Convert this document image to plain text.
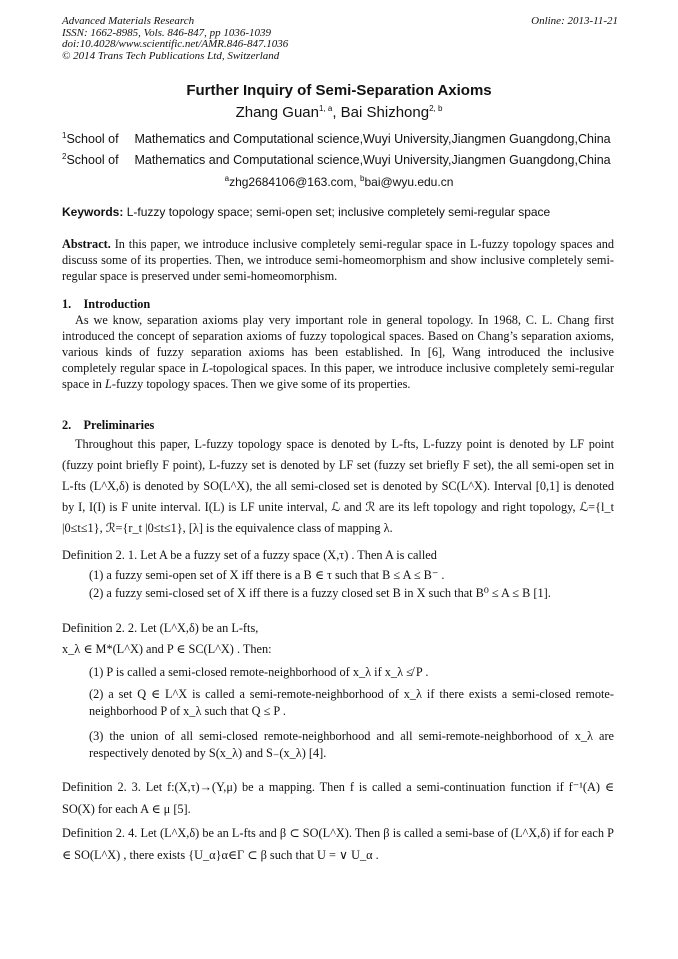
Advanced Materials Research
ISSN: 1662-8985, Vols. 846-847, pp 1036-1039
doi:10.4028/www.scientific.net/AMR.846-847.1036
© 2014 Trans Tech Publications Ltd, Switzerland
Online: 2013-11-21
Further Inquiry of Semi-Separation Axioms
Zhang Guan$^{1, a}$, Bai Shizhong$^{2, b}$
$^1$School of Mathematics and Computational science,Wuyi University,Jiangmen Guangdong,China
$^2$School of Mathematics and Computational science,Wuyi University,Jiangmen Guangdong,China
$^a$zhg2684106@163.com, $^b$bai@wyu.edu.cn
Keywords: L-fuzzy topology space; semi-open set; inclusive completely semi-regular space
Abstract. In this paper, we introduce inclusive completely semi-regular space in L-fuzzy topology spaces and discuss some of its properties. Then, we introduce semi-homeomorphism and show inclusive completely semi-regular space is preserved under semi-homeomorphism.
1.    Introduction
As we know, separation axioms play very important role in general topology. In 1968, C. L. Chang first introduced the concept of separation axioms of fuzzy topological spaces. Based on Chang’s separation axioms, various kinds of fuzzy separation axioms has been established. In [6], Wang introduced the inclusive completely regular space in L-topological spaces. In this paper, we introduce inclusive completely semi-regular space in L-fuzzy topology spaces. Then we give some of its properties.
2.    Preliminaries
Throughout this paper, L-fuzzy topology space is denoted by L-fts, L-fuzzy point is denoted by LF point (fuzzy point briefly F point), L-fuzzy set is denoted by LF set (fuzzy set briefly F set), the all semi-open set in L-fts (L^X,δ) is denoted by SO(L^X), the all semi-closed set is denoted by SC(L^X). Interval [0,1] is denoted by I, I(I) is F unite interval. I(L) is LF unite interval, ℒ and ℛ are its left topology and right topology, ℒ={l_t |0≤t≤1}, ℛ={r_t |0≤t≤1}, [λ] is the equivalence class of mapping λ.
Definition 2. 1. Let A be a fuzzy set of a fuzzy space (X,τ) . Then A is called
(1) a fuzzy semi-open set of X iff there is a B ∈ τ such that B ≤ A ≤ B⁻ .
(2) a fuzzy semi-closed set of X iff there is a fuzzy closed set B in X such that B⁰ ≤ A ≤ B [1].
Definition 2. 2. Let (L^X,δ) be an L-fts,
x_λ ∈ M*(L^X) and P ∈ SC(L^X) . Then:
(1) P is called a semi-closed remote-neighborhood of x_λ if x_λ ≰ P .
(2) a set Q ∈ L^X is called a semi-remote-neighborhood of x_λ if there exists a semi-closed remote-neighborhood P of x_λ such that Q ≤ P .
(3) the union of all semi-closed remote-neighborhood and all semi-remote-neighborhood of x_λ are respectively denoted by S(x_λ) and S₋(x_λ) [4].
Definition 2. 3. Let f:(X,τ)→(Y,μ) be a mapping. Then f is called a semi-continuation function if f⁻¹(A) ∈ SO(X) for each A ∈ μ [5].
Definition 2. 4. Let (L^X,δ) be an L-fts and β ⊂ SO(L^X). Then β is called a semi-base of (L^X,δ) if for each P ∈ SO(L^X) , there exists {U_α}α∈Γ ⊂ β such that U = ∨ U_α .
